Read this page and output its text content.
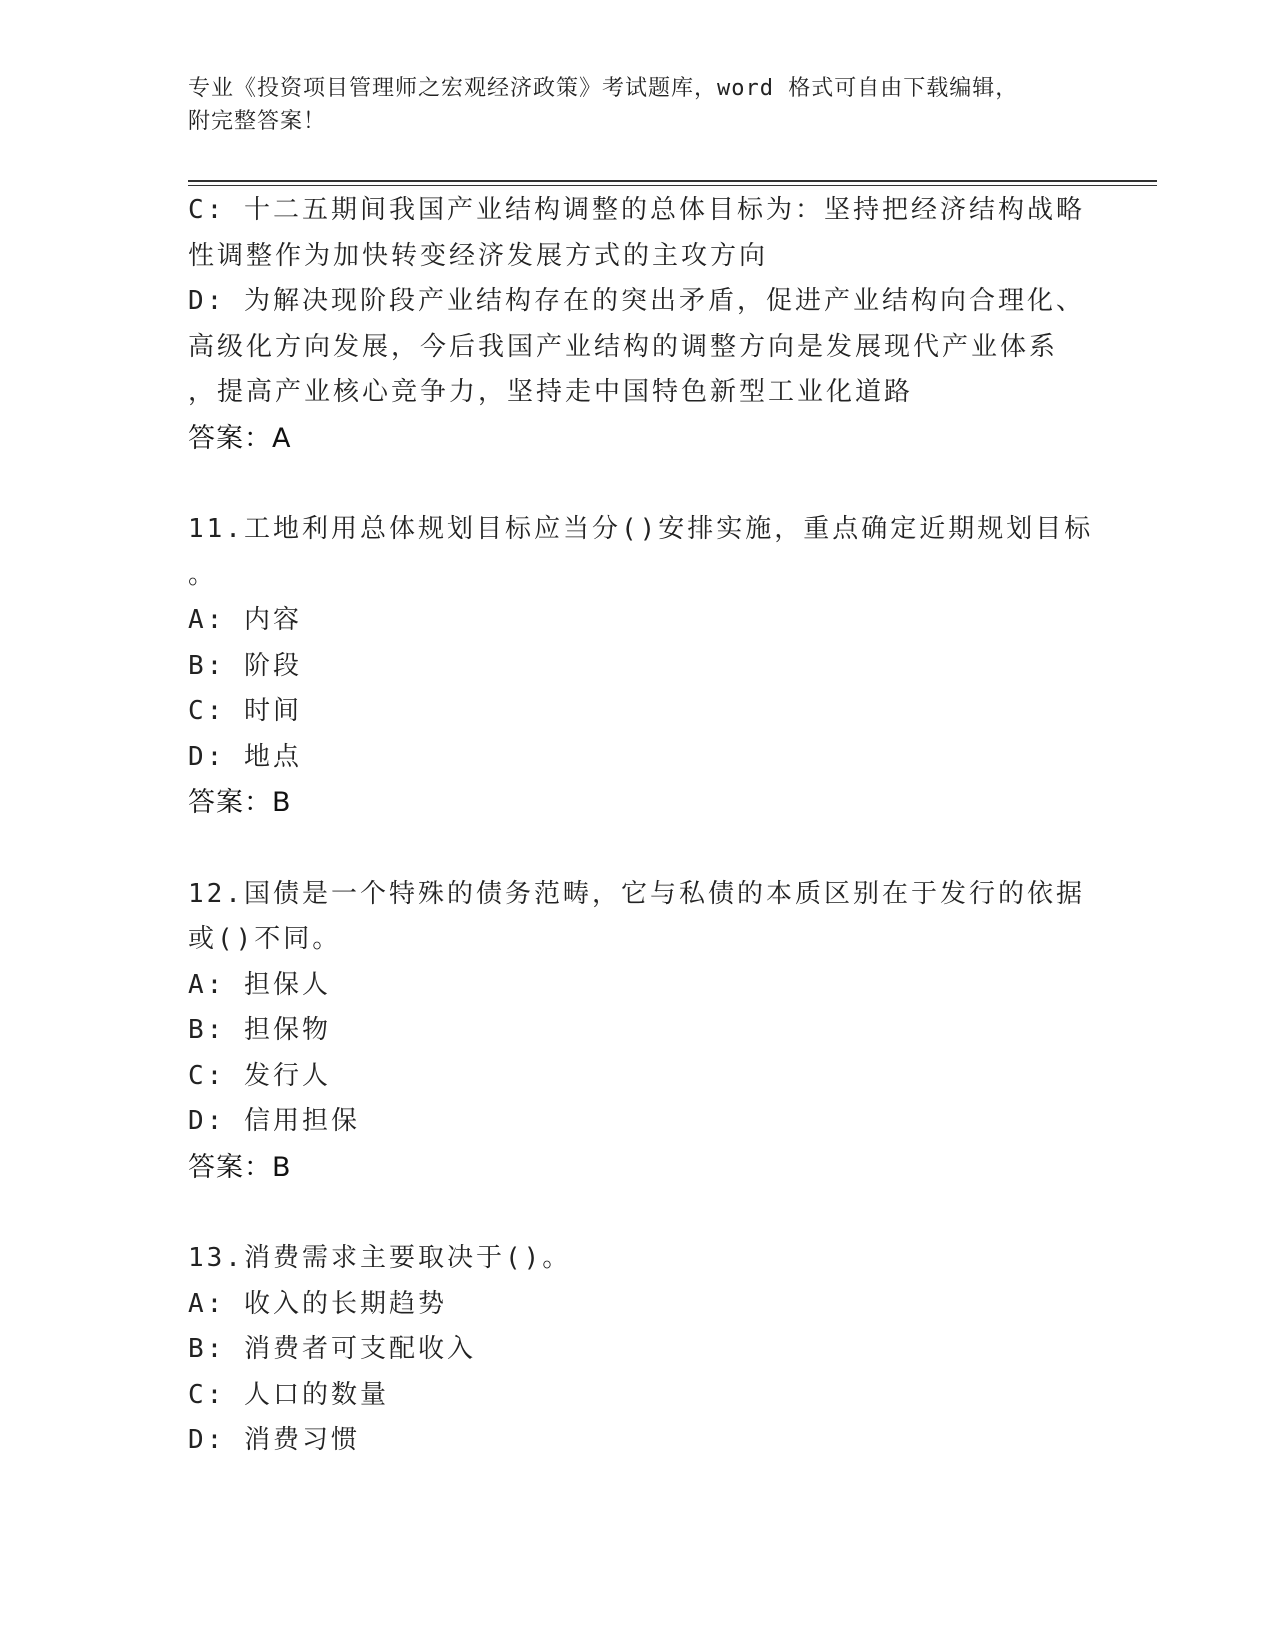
专业《投资项目管理师之宏观经济政策》考试题库，word 格式可自由下载编辑，
附完整答案！
C: 十二五期间我国产业结构调整的总体目标为：坚持把经济结构战略
性调整作为加快转变经济发展方式的主攻方向
D: 为解决现阶段产业结构存在的突出矛盾，促进产业结构向合理化、
高级化方向发展，今后我国产业结构的调整方向是发展现代产业体系
，提高产业核心竞争力，坚持走中国特色新型工业化道路
答案：A
11.工地利用总体规划目标应当分()安排实施，重点确定近期规划目标
。
A: 内容
B: 阶段
C: 时间
D: 地点
答案：B
12.国债是一个特殊的债务范畴，它与私债的本质区别在于发行的依据
或()不同。
A: 担保人
B: 担保物
C: 发行人
D: 信用担保
答案：B
13.消费需求主要取决于()。
A: 收入的长期趋势
B: 消费者可支配收入
C: 人口的数量
D: 消费习惯
